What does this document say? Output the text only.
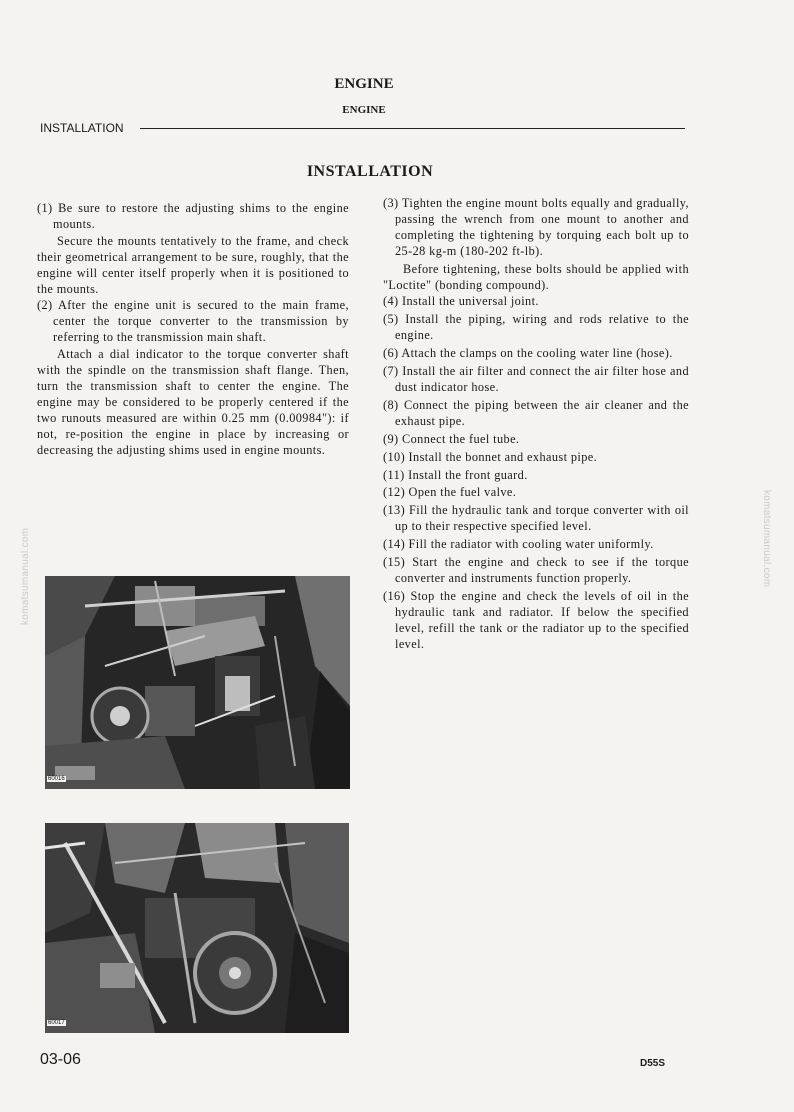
ENGINE
ENGINE
INSTALLATION
INSTALLATION

(1) Be sure to restore the adjusting shims to the engine mounts.

Secure the mounts tentatively to the frame, and check their geometrical arrangement to be sure, roughly, that the engine will center itself properly when it is positioned to the mounts.

(2) After the engine unit is secured to the main frame, center the torque converter to the transmission by referring to the transmission main shaft.

Attach a dial indicator to the torque converter shaft with the spindle on the transmission shaft flange. Then, turn the transmission shaft to center the engine. The engine may be considered to be properly centered if the two runouts measured are within 0.25 mm (0.00984"): if not, re-position the engine in place by increasing or decreasing the adjusting shims used in engine mounts.

(3) Tighten the engine mount bolts equally and gradually, passing the wrench from one mount to another and completing the tightening by torquing each bolt up to 25-28 kg-m (180-202 ft-lb).

Before tightening, these bolts should be applied with "Loctite" (bonding compound).

(4) Install the universal joint.

(5) Install the piping, wiring and rods relative to the engine.

(6) Attach the clamps on the cooling water line (hose).

(7) Install the air filter and connect the air filter hose and dust indicator hose.

(8) Connect the piping between the air cleaner and the exhaust pipe.

(9) Connect the fuel tube.

(10) Install the bonnet and exhaust pipe.

(11) Install the front guard.

(12) Open the fuel valve.

(13) Fill the hydraulic tank and torque converter with oil up to their respective specified level.

(14) Fill the radiator with cooling water uniformly.

(15) Start the engine and check to see if the torque converter and instruments function properly.

(16) Stop the engine and check the levels of oil in the hydraulic tank and radiator. If below the specified level, refill the tank or the radiator up to the specified level.

60016
60017
03-06	D55S
komatsumanual.com	komatsumanual.com
